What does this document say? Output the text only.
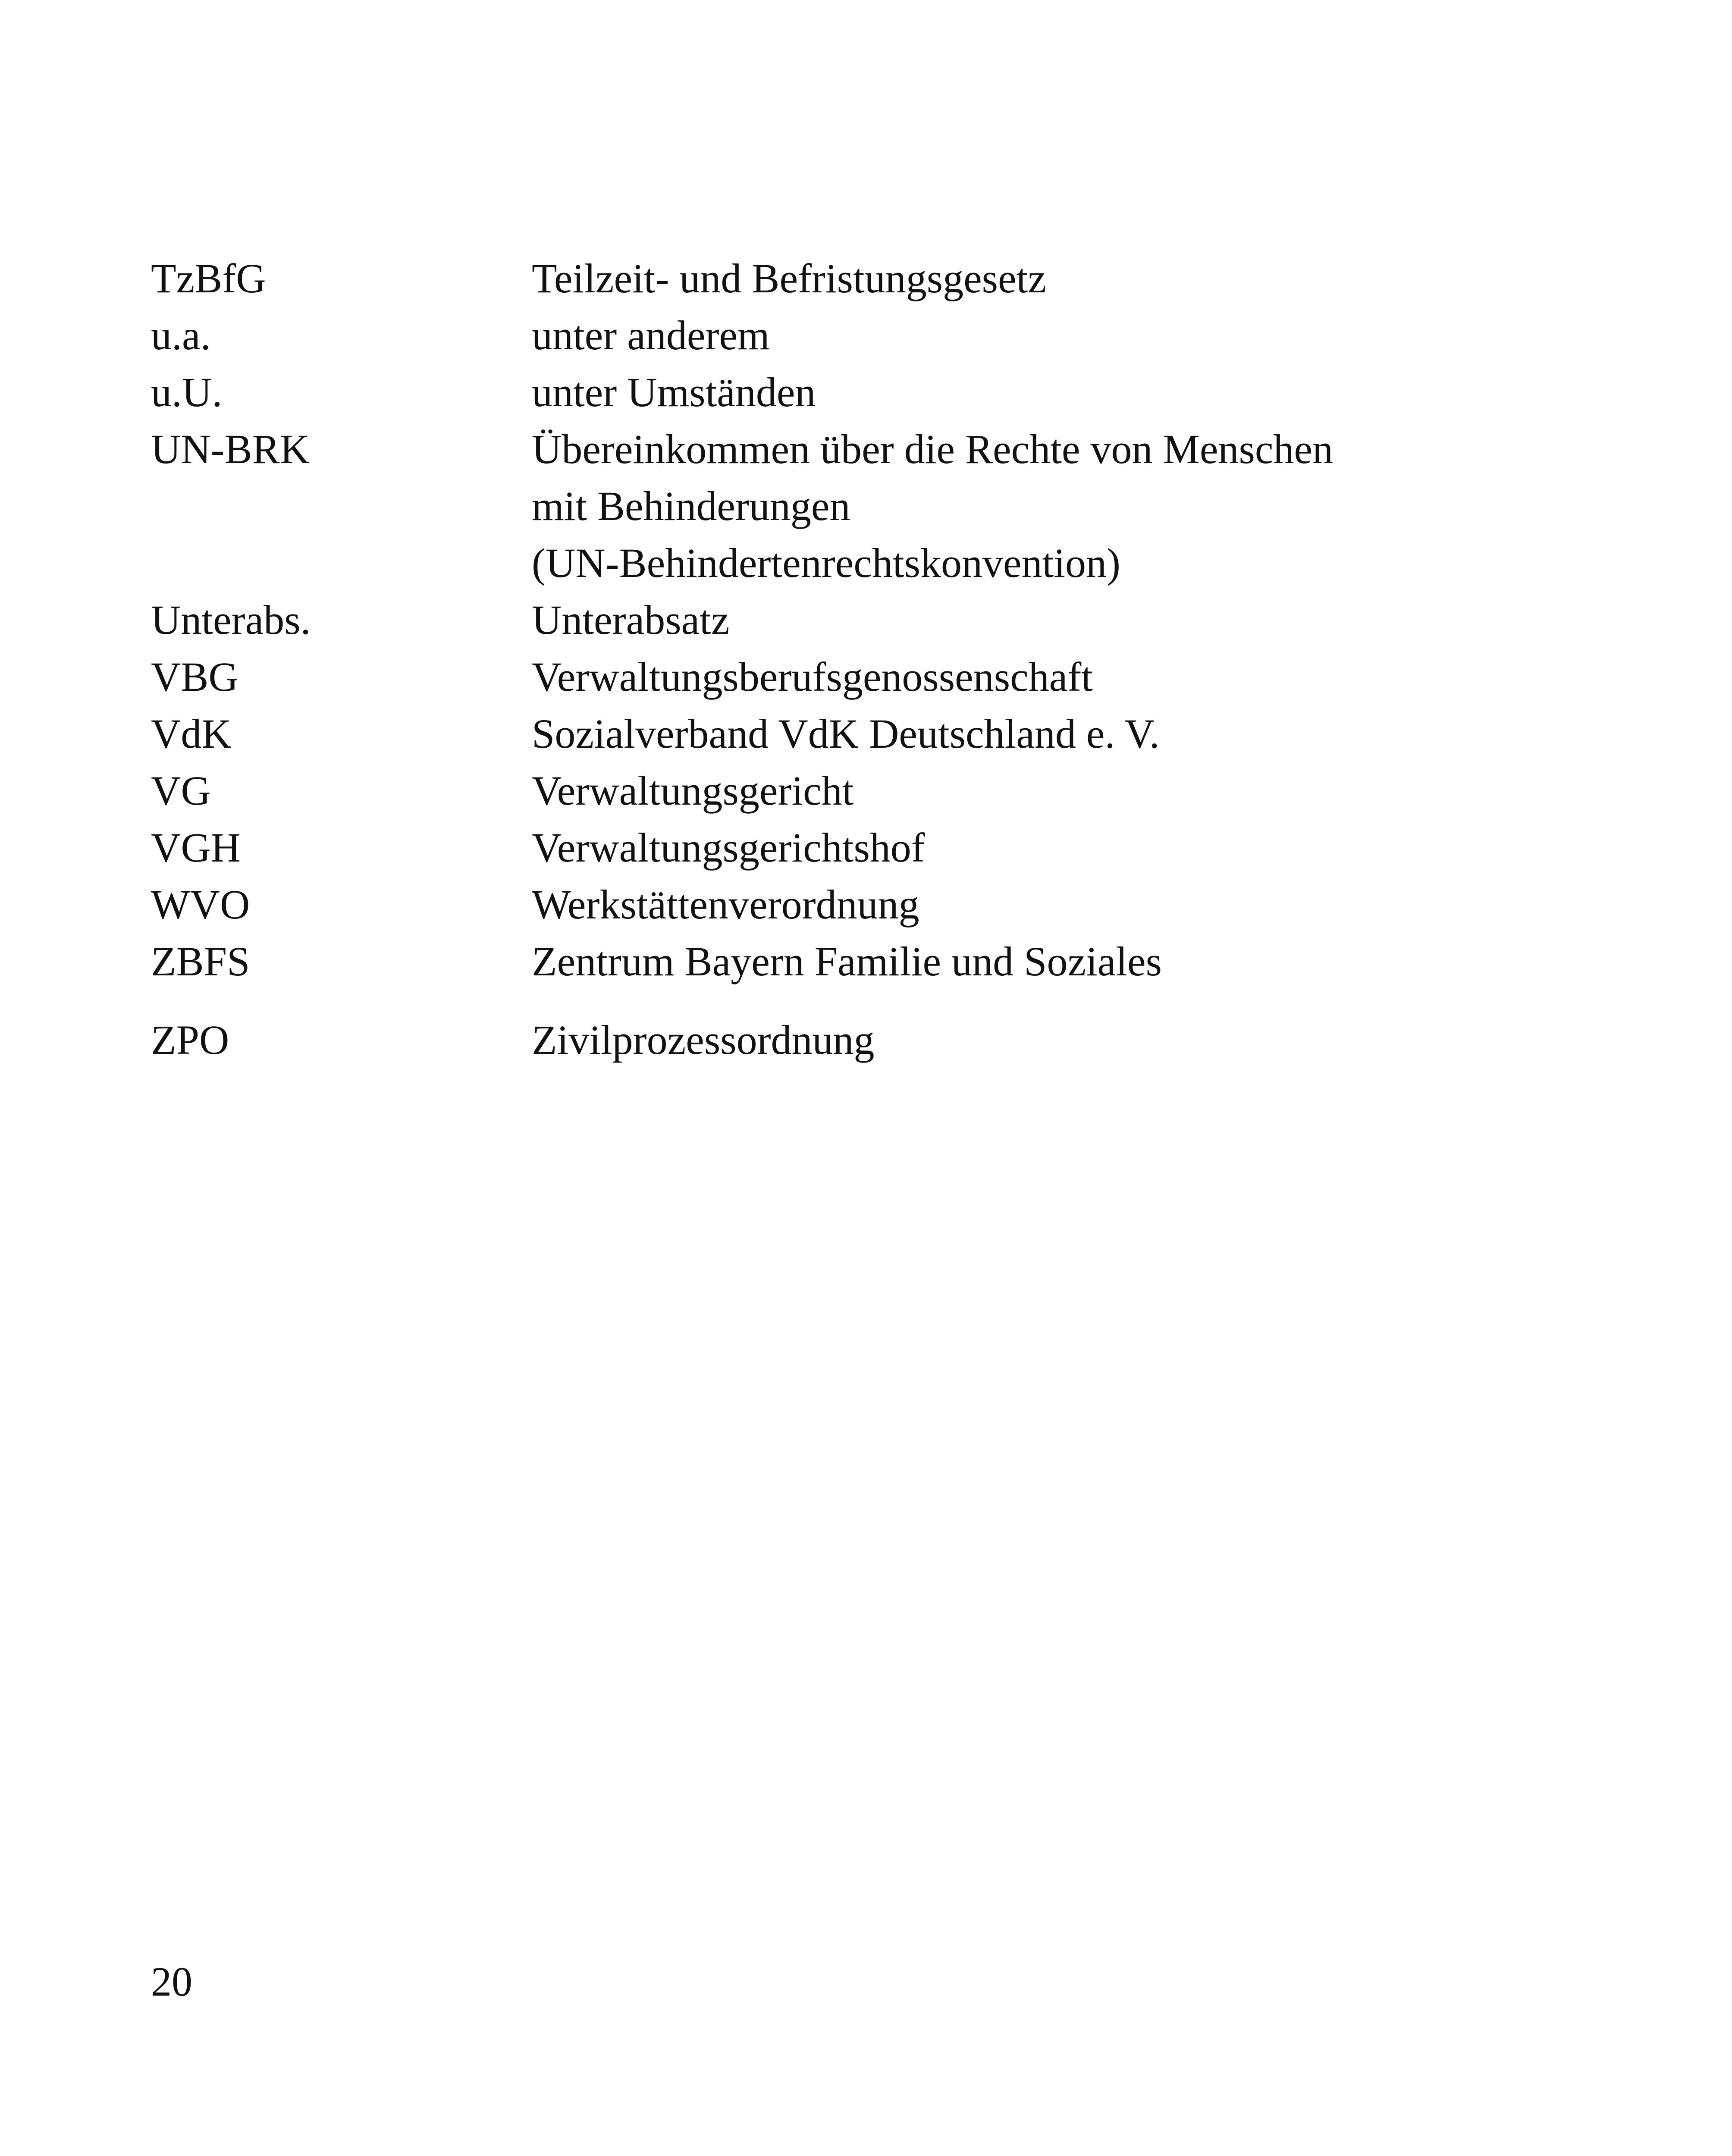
TzBfG	Teilzeit- und Befristungsgesetz
u.a.	unter anderem
u.U.	unter Umständen
UN-BRK	Übereinkommen über die Rechte von Menschen
mit Behinderungen
(UN-Behindertenrechtskonvention)
Unterabs.	Unterabsatz
VBG	Verwaltungsberufsgenossenschaft
VdK	Sozialverband VdK Deutschland e. V.
VG	Verwaltungsgericht
VGH	Verwaltungsgerichtshof
WVO	Werkstättenverordnung
ZBFS	Zentrum Bayern Familie und Soziales
ZPO	Zivilprozessordnung
20
